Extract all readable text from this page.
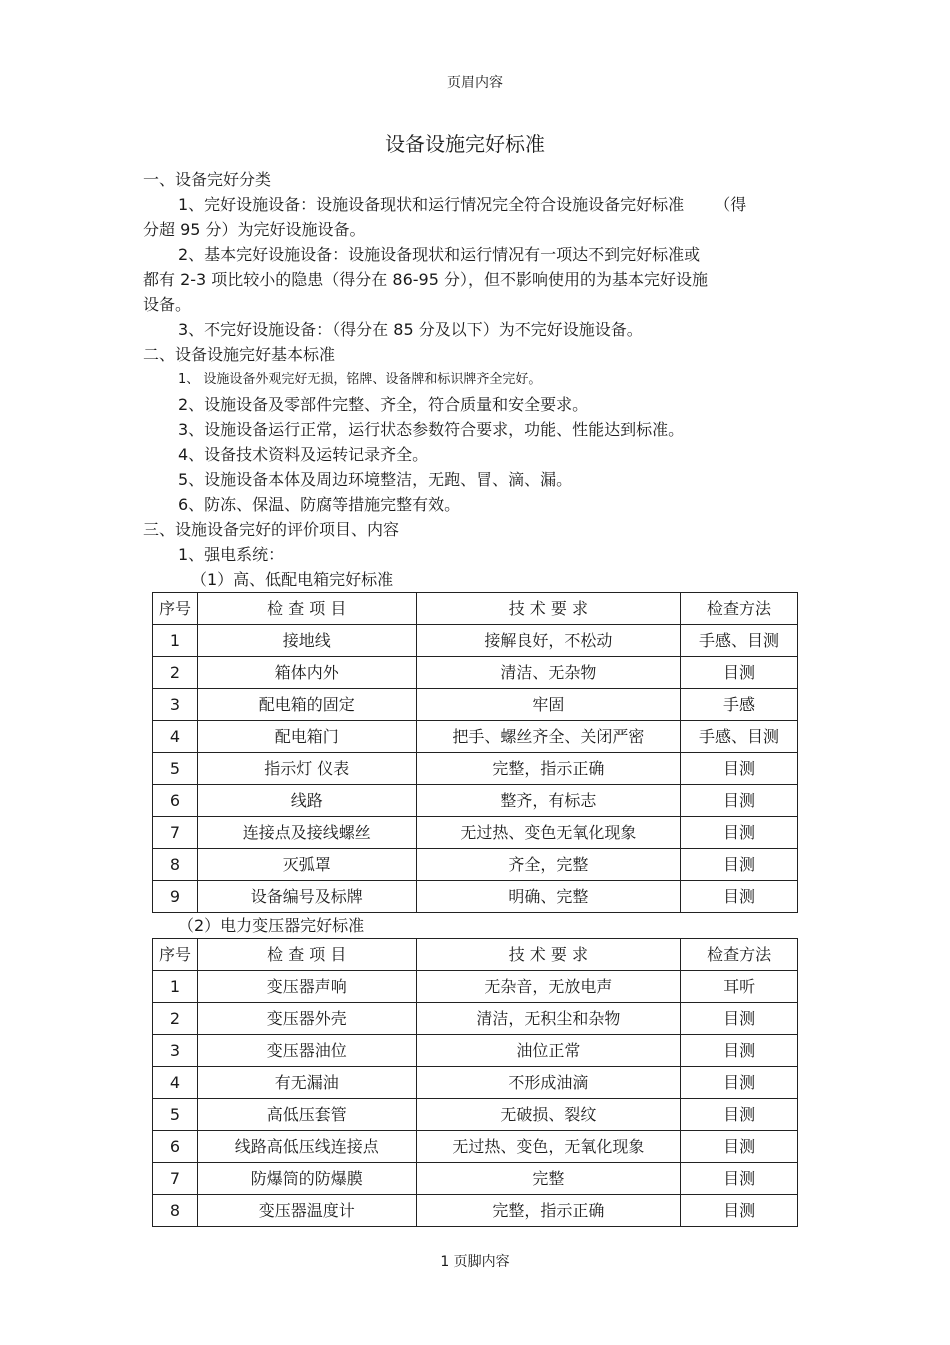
页眉内容
设备设施完好标准
一、设备完好分类
1、完好设施设备：设施设备现状和运行情况完全符合设施设备完好标准 （得
分超 95 分）为完好设施设备。
2、基本完好设施设备：设施设备现状和运行情况有一项达不到完好标准或
都有 2-3 项比较小的隐患（得分在 86-95 分），但不影响使用的为基本完好设施
设备。
3、不完好设施设备：（得分在 85 分及以下）为不完好设施设备。
二、设备设施完好基本标准
1、 设施设备外观完好无损，铭牌、设备牌和标识牌齐全完好。
2、设施设备及零部件完整、齐全，符合质量和安全要求。
3、设施设备运行正常，运行状态参数符合要求，功能、性能达到标准。
4、设备技术资料及运转记录齐全。
5、设施设备本体及周边环境整洁，无跑、冒、滴、漏。
6、防冻、保温、防腐等措施完整有效。
三、设施设备完好的评价项目、内容
1、强电系统：
（1）高、低配电箱完好标准
序号	检 查 项 目	技 术 要 求	检查方法
1	接地线	接解良好，不松动	手感、目测
2	箱体内外	清洁、无杂物	目测
3	配电箱的固定	牢固	手感
4	配电箱门	把手、螺丝齐全、关闭严密	手感、目测
5	指示灯 仪表	完整，指示正确	目测
6	线路	整齐，有标志	目测
7	连接点及接线螺丝	无过热、变色无氧化现象	目测
8	灭弧罩	齐全，完整	目测
9	设备编号及标牌	明确、完整	目测
（2）电力变压器完好标准
序号	检 查 项 目	技 术 要 求	检查方法
1	变压器声响	无杂音，无放电声	耳听
2	变压器外壳	清洁，无积尘和杂物	目测
3	变压器油位	油位正常	目测
4	有无漏油	不形成油滴	目测
5	高低压套管	无破损、裂纹	目测
6	线路高低压线连接点	无过热、变色，无氧化现象	目测
7	防爆筒的防爆膜	完整	目测
8	变压器温度计	完整，指示正确	目测
1 页脚内容
